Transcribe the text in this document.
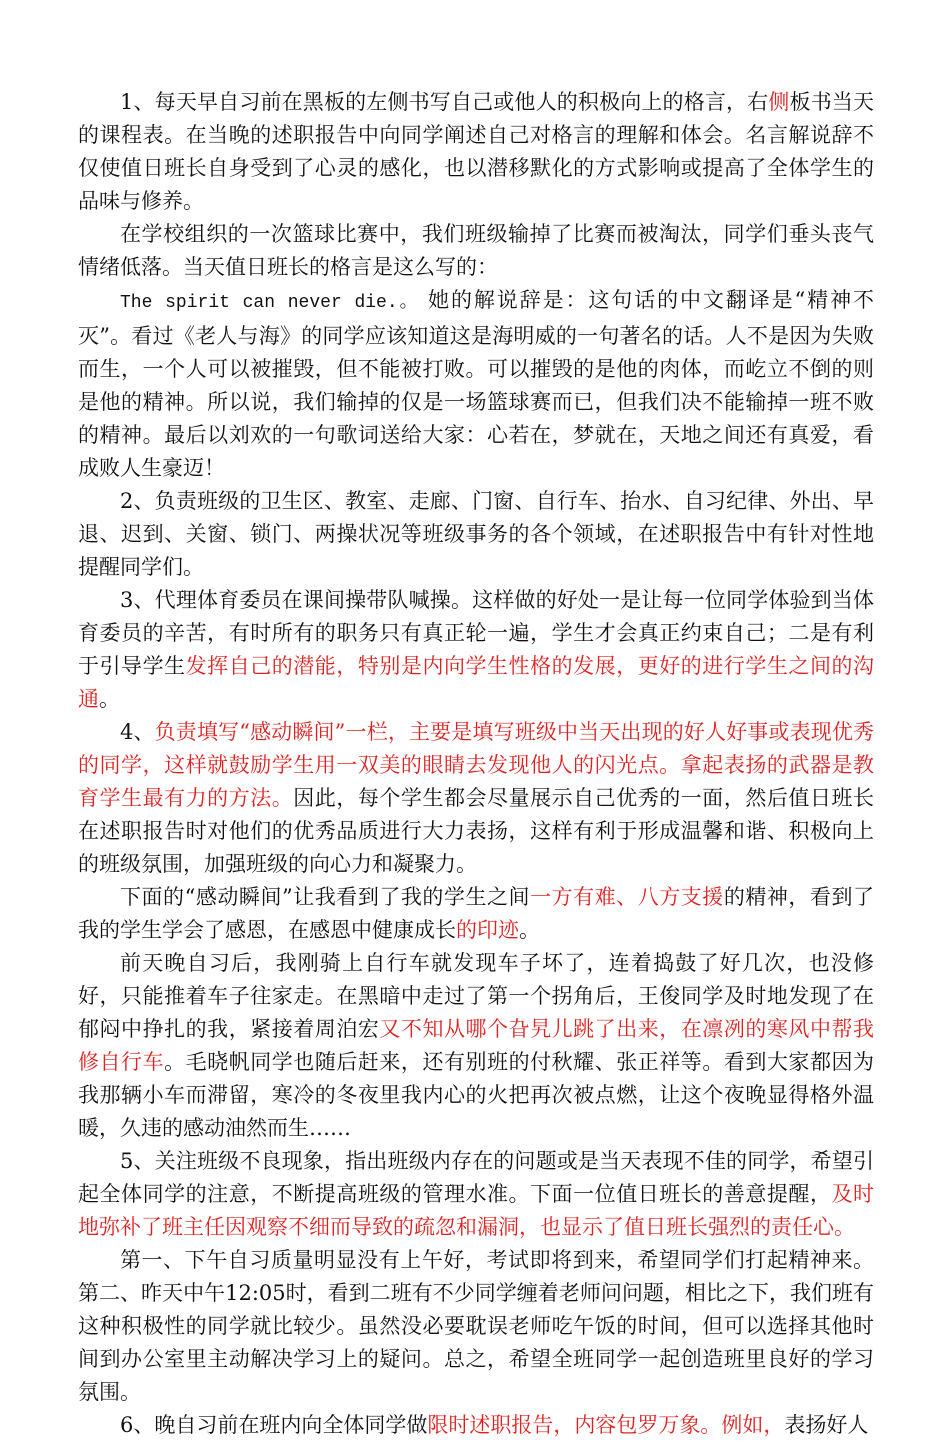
1、每天早自习前在黑板的左侧书写自己或他人的积极向上的格言，右侧板书当天的课程表。在当晚的述职报告中向同学阐述自己对格言的理解和体会。名言解说辞不仅使值日班长自身受到了心灵的感化，也以潜移默化的方式影响或提高了全体学生的品味与修养。

在学校组织的一次篮球比赛中，我们班级输掉了比赛而被淘汰，同学们垂头丧气情绪低落。当天值日班长的格言是这么写的：

The spirit can never die.。 她的解说辞是：这句话的中文翻译是“精神不灭”。看过《老人与海》的同学应该知道这是海明威的一句著名的话。人不是因为失败而生，一个人可以被摧毁，但不能被打败。可以摧毁的是他的肉体，而屹立不倒的则是他的精神。所以说，我们输掉的仅是一场篮球赛而已，但我们决不能输掉一班不败的精神。最后以刘欢的一句歌词送给大家：心若在，梦就在，天地之间还有真爱，看成败人生豪迈！

2、负责班级的卫生区、教室、走廊、门窗、自行车、抬水、自习纪律、外出、早退、迟到、关窗、锁门、两操状况等班级事务的各个领域，在述职报告中有针对性地提醒同学们。

3、代理体育委员在课间操带队喊操。这样做的好处一是让每一位同学体验到当体育委员的辛苦，有时所有的职务只有真正轮一遍，学生才会真正约束自己；二是有利于引导学生发挥自己的潜能，特别是内向学生性格的发展，更好的进行学生之间的沟通。

4、负责填写“感动瞬间”一栏，主要是填写班级中当天出现的好人好事或表现优秀的同学，这样就鼓励学生用一双美的眼睛去发现他人的闪光点。拿起表扬的武器是教育学生最有力的方法。因此，每个学生都会尽量展示自己优秀的一面，然后值日班长在述职报告时对他们的优秀品质进行大力表扬，这样有利于形成温馨和谐、积极向上的班级氛围，加强班级的向心力和凝聚力。

下面的“感动瞬间”让我看到了我的学生之间一方有难、八方支援的精神，看到了我的学生学会了感恩，在感恩中健康成长的印迹。

前天晚自习后，我刚骑上自行车就发现车子坏了，连着捣鼓了好几次，也没修好，只能推着车子往家走。在黑暗中走过了第一个拐角后，王俊同学及时地发现了在郁闷中挣扎的我，紧接着周泊宏又不知从哪个旮旯儿跳了出来，在凛冽的寒风中帮我修自行车。毛晓帆同学也随后赶来，还有别班的付秋耀、张正祥等。看到大家都因为我那辆小车而滞留，寒冷的冬夜里我内心的火把再次被点燃，让这个夜晚显得格外温暖，久违的感动油然而生……

5、关注班级不良现象，指出班级内存在的问题或是当天表现不佳的同学，希望引起全体同学的注意，不断提高班级的管理水准。下面一位值日班长的善意提醒，及时地弥补了班主任因观察不细而导致的疏忽和漏洞，也显示了值日班长强烈的责任心。

第一、下午自习质量明显没有上午好，考试即将到来，希望同学们打起精神来。第二、昨天中午12:05时，看到二班有不少同学缠着老师问问题，相比之下，我们班有这种积极性的同学就比较少。虽然没必要耽误老师吃午饭的时间，但可以选择其他时间到办公室里主动解决学习上的疑问。总之，希望全班同学一起创造班里良好的学习氛围。

6、晚自习前在班内向全体同学做限时述职报告，内容包罗万象。例如，表扬好人
